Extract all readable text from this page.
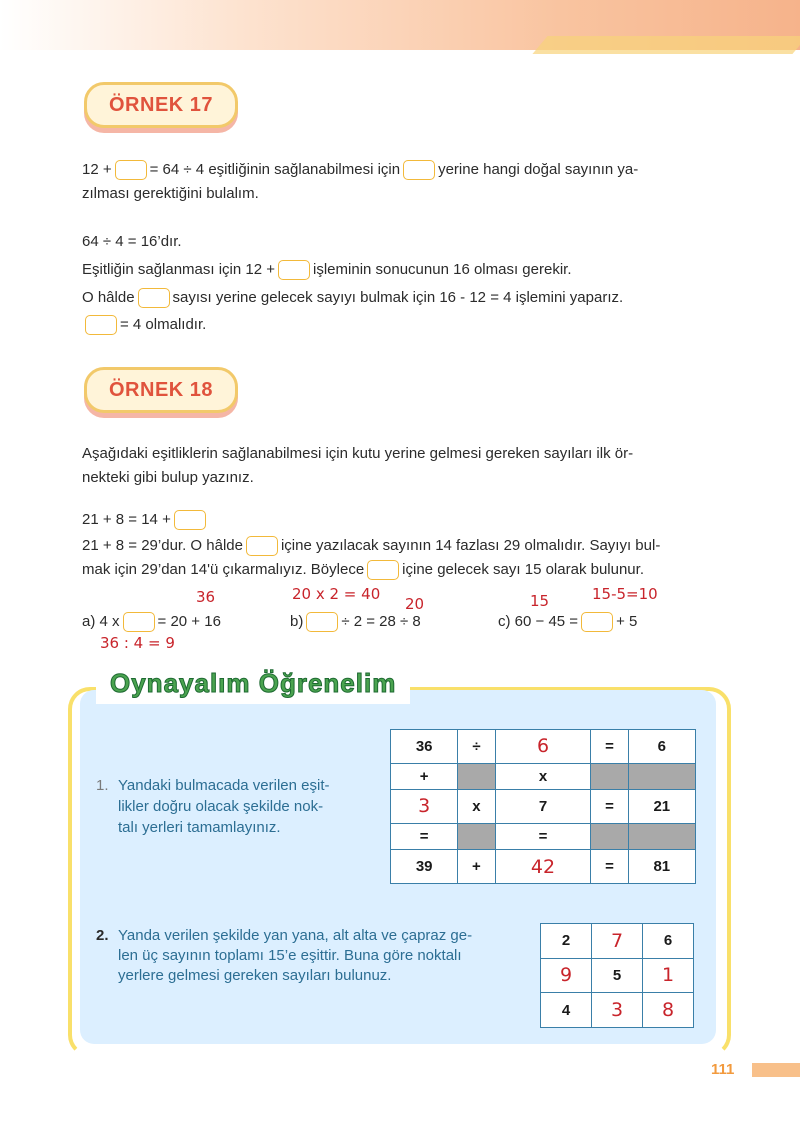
ÖRNEK 17
12 +	= 64 ÷ 4 eşitliğinin sağlanabilmesi için	yerine hangi doğal sayının ya-
zılması gerektiğini bulalım.
64 ÷ 4 = 16’dır.
Eşitliğin sağlanması için 12 +	işleminin sonucunun 16 olması gerekir.
O hâlde	sayısı yerine gelecek sayıyı bulmak için 16 - 12 = 4 işlemini yaparız.
= 4 olmalıdır.
ÖRNEK 18
Aşağıdaki eşitliklerin sağlanabilmesi için kutu yerine gelmesi gereken sayıları ilk ör-
nekteki gibi bulup yazınız.
21 + 8 = 14 +
21 + 8 = 29’dur. O hâlde	içine yazılacak sayının 14 fazlası 29 olmalıdır. Sayıyı bul-
mak için 29’dan 14'ü çıkarmalıyız. Böylece	içine gelecek sayı 15 olarak bulunur.
36	20 x 2 = 40
20	15	15-5=10
a) 4 x	= 20 + 16	b)	÷ 2 = 28 ÷ 8	c) 60 − 45 =	+ 5
36 : 4 = 9
Oynayalım Öğrenelim
1. Yandaki bulmacada verilen eşit-
likler doğru olacak şekilde nok-
talı yerleri tamamlayınız.
36	÷	6	=	6
+		x		
3	x	7	=	21
=		=		
39	+	42	=	81
2. Yanda verilen şekilde yan yana, alt alta ve çapraz ge-
len üç sayının toplamı 15’e eşittir. Buna göre noktalı
yerlere gelmesi gereken sayıları bulunuz.
2	7	6
9	5	1
4	3	8
111
